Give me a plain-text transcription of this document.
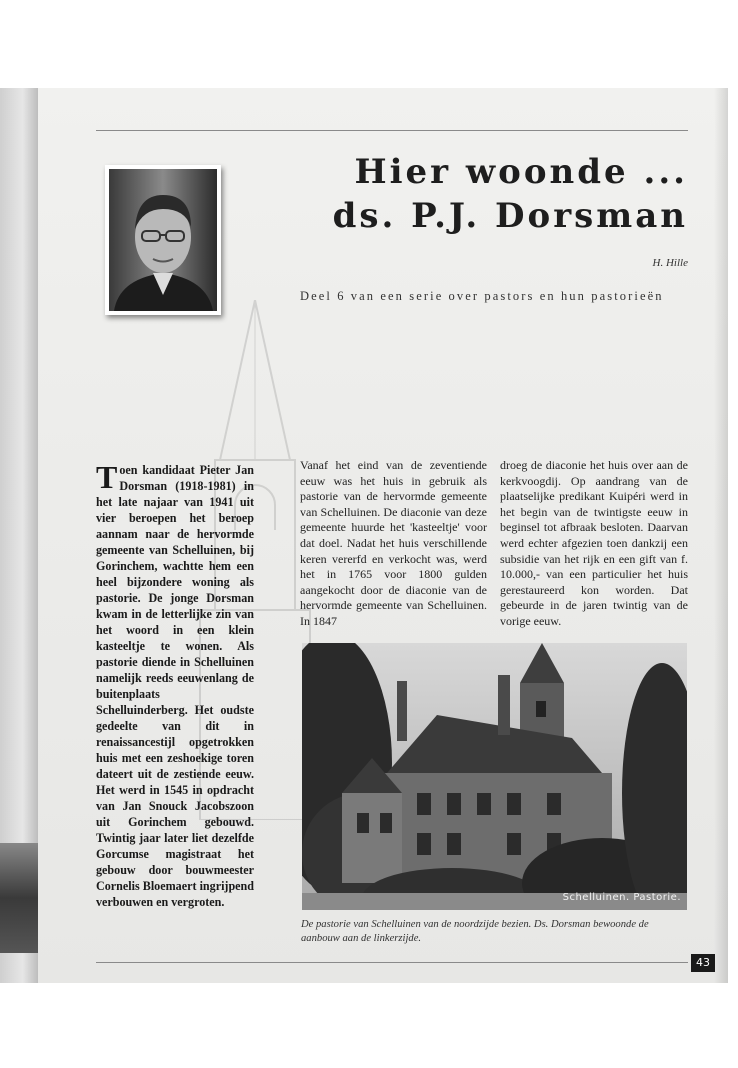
Hier woonde ...
ds. P.J. Dorsman
H. Hille
Deel 6 van een serie over pastors en hun pastorieën
Toen kandidaat Pieter Jan Dorsman (1918-1981) in het late najaar van 1941 uit vier beroepen het beroep aannam naar de hervormde gemeente van Schelluinen, bij Gorinchem, wachtte hem een heel bijzondere woning als pastorie. De jonge Dorsman kwam in de letterlijke zin van het woord in een klein kasteeltje te wonen. Als pastorie diende in Schelluinen namelijk reeds eeuwenlang de buitenplaats Schelluinderberg. Het oudste gedeelte van dit in renaissancestijl opgetrokken huis met een zeshoekige toren dateert uit de zestiende eeuw. Het werd in 1545 in opdracht van Jan Snouck Jacobszoon uit Gorinchem gebouwd. Twintig jaar later liet dezelfde Gorcumse magistraat het gebouw door bouwmeester Cornelis Bloemaert ingrijpend verbouwen en vergroten.
Vanaf het eind van de zeventiende eeuw was het huis in gebruik als pastorie van de hervormde gemeente van Schelluinen. De diaconie van deze gemeente huurde het 'kasteeltje' voor dat doel. Nadat het huis verschillende keren vererfd en verkocht was, werd het in 1765 voor 1800 gulden aangekocht door de diaconie van de hervormde gemeente van Schelluinen. In 1847
droeg de diaconie het huis over aan de kerkvoogdij. Op aandrang van de plaatselijke predikant Kuipéri werd in het begin van de twintigste eeuw in beginsel tot afbraak besloten. Daarvan werd echter afgezien toen dankzij een subsidie van het rijk en een gift van f. 10.000,- van een particulier het huis gerestaureerd kon worden. Dat gebeurde in de jaren twintig van de vorige eeuw.
Schelluinen. Pastorie.
De pastorie van Schelluinen van de noordzijde bezien. Ds. Dorsman bewoonde de aanbouw aan de linkerzijde.
43
